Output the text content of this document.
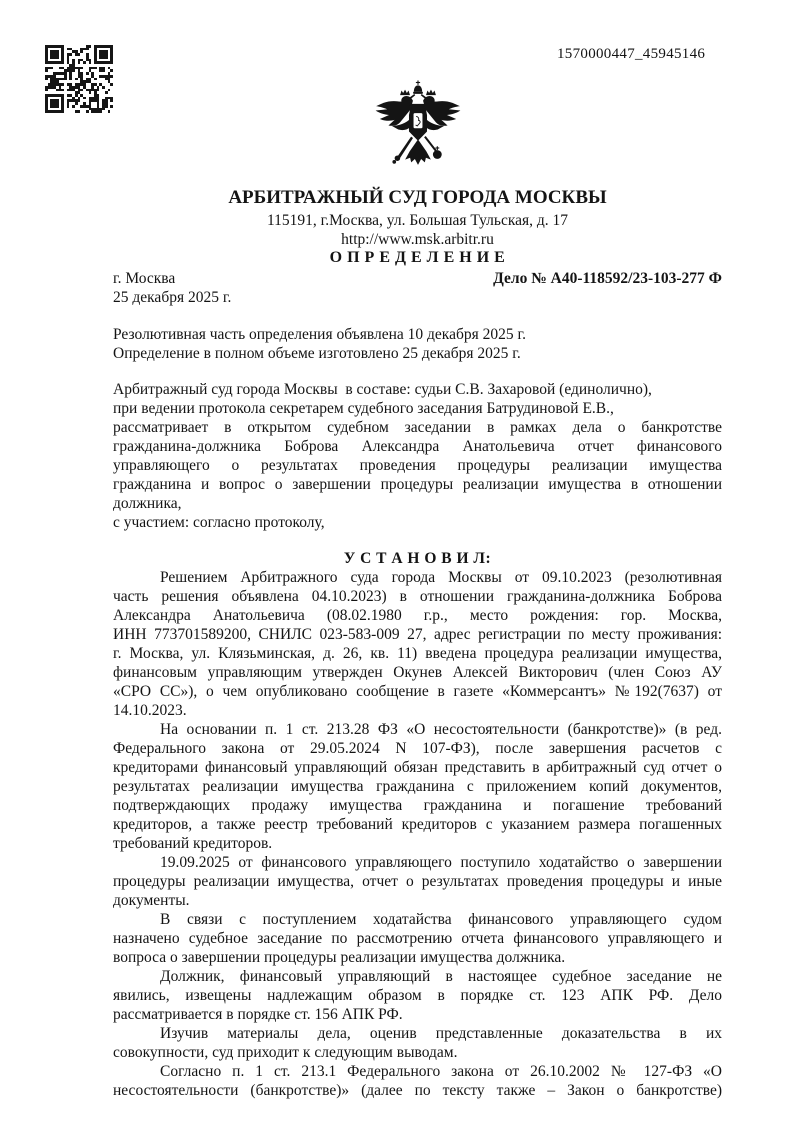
1570000447_45945146
АРБИТРАЖНЫЙ СУД ГОРОДА МОСКВЫ
115191, г.Москва, ул. Большая Тульская, д. 17
http://www.msk.arbitr.ru
О П Р Е Д Е Л Е Н И Е
г. Москва	Дело № А40-118592/23-103-277 Ф
25 декабря 2025 г.
Резолютивная часть определения объявлена 10 декабря 2025 г.
Определение в полном объеме изготовлено 25 декабря 2025 г.
Арбитражный суд города Москвы  в составе: судьи С.В. Захаровой (единолично),
при ведении протокола секретарем судебного заседания Батрудиновой Е.В.,
рассматривает в открытом судебном заседании в рамках дела о банкротстве
гражданина-должника Боброва Александра Анатольевича отчет финансового
управляющего о результатах проведения процедуры реализации имущества
гражданина и вопрос о завершении процедуры реализации имущества в отношении
должника,
с участием: согласно протоколу,
У С Т А Н О В И Л:
Решением Арбитражного суда города Москвы от 09.10.2023 (резолютивная
часть решения объявлена 04.10.2023) в отношении гражданина-должника Боброва
Александра Анатольевича (08.02.1980 г.р., место рождения: гор. Москва,
ИНН 773701589200, СНИЛС 023-583-009 27, адрес регистрации по месту проживания:
г. Москва, ул. Клязьминская, д. 26, кв. 11) введена процедура реализации имущества,
финансовым управляющим утвержден Окунев Алексей Викторович (член Союз АУ
«СРО СС»), о чем опубликовано сообщение в газете «Коммерсантъ» №192(7637) от
14.10.2023.
На основании п. 1 ст. 213.28 ФЗ «О несостоятельности (банкротстве)» (в ред.
Федерального закона от 29.05.2024 N 107-ФЗ), после завершения расчетов с
кредиторами финансовый управляющий обязан представить в арбитражный суд отчет о
результатах реализации имущества гражданина с приложением копий документов,
подтверждающих продажу имущества гражданина и погашение требований
кредиторов, а также реестр требований кредиторов с указанием размера погашенных
требований кредиторов.
19.09.2025 от финансового управляющего поступило ходатайство о завершении
процедуры реализации имущества, отчет о результатах проведения процедуры и иные
документы.
В связи с поступлением ходатайства финансового управляющего судом
назначено судебное заседание по рассмотрению отчета финансового управляющего и
вопроса о завершении процедуры реализации имущества должника.
Должник, финансовый управляющий в настоящее судебное заседание не
явились, извещены надлежащим образом в порядке ст. 123 АПК РФ. Дело
рассматривается в порядке ст. 156 АПК РФ.
Изучив материалы дела, оценив представленные доказательства в их
совокупности, суд приходит к следующим выводам.
Согласно п. 1 ст. 213.1 Федерального закона от 26.10.2002 № 127-ФЗ «О
несостоятельности (банкротстве)» (далее по тексту также – Закон о банкротстве)
